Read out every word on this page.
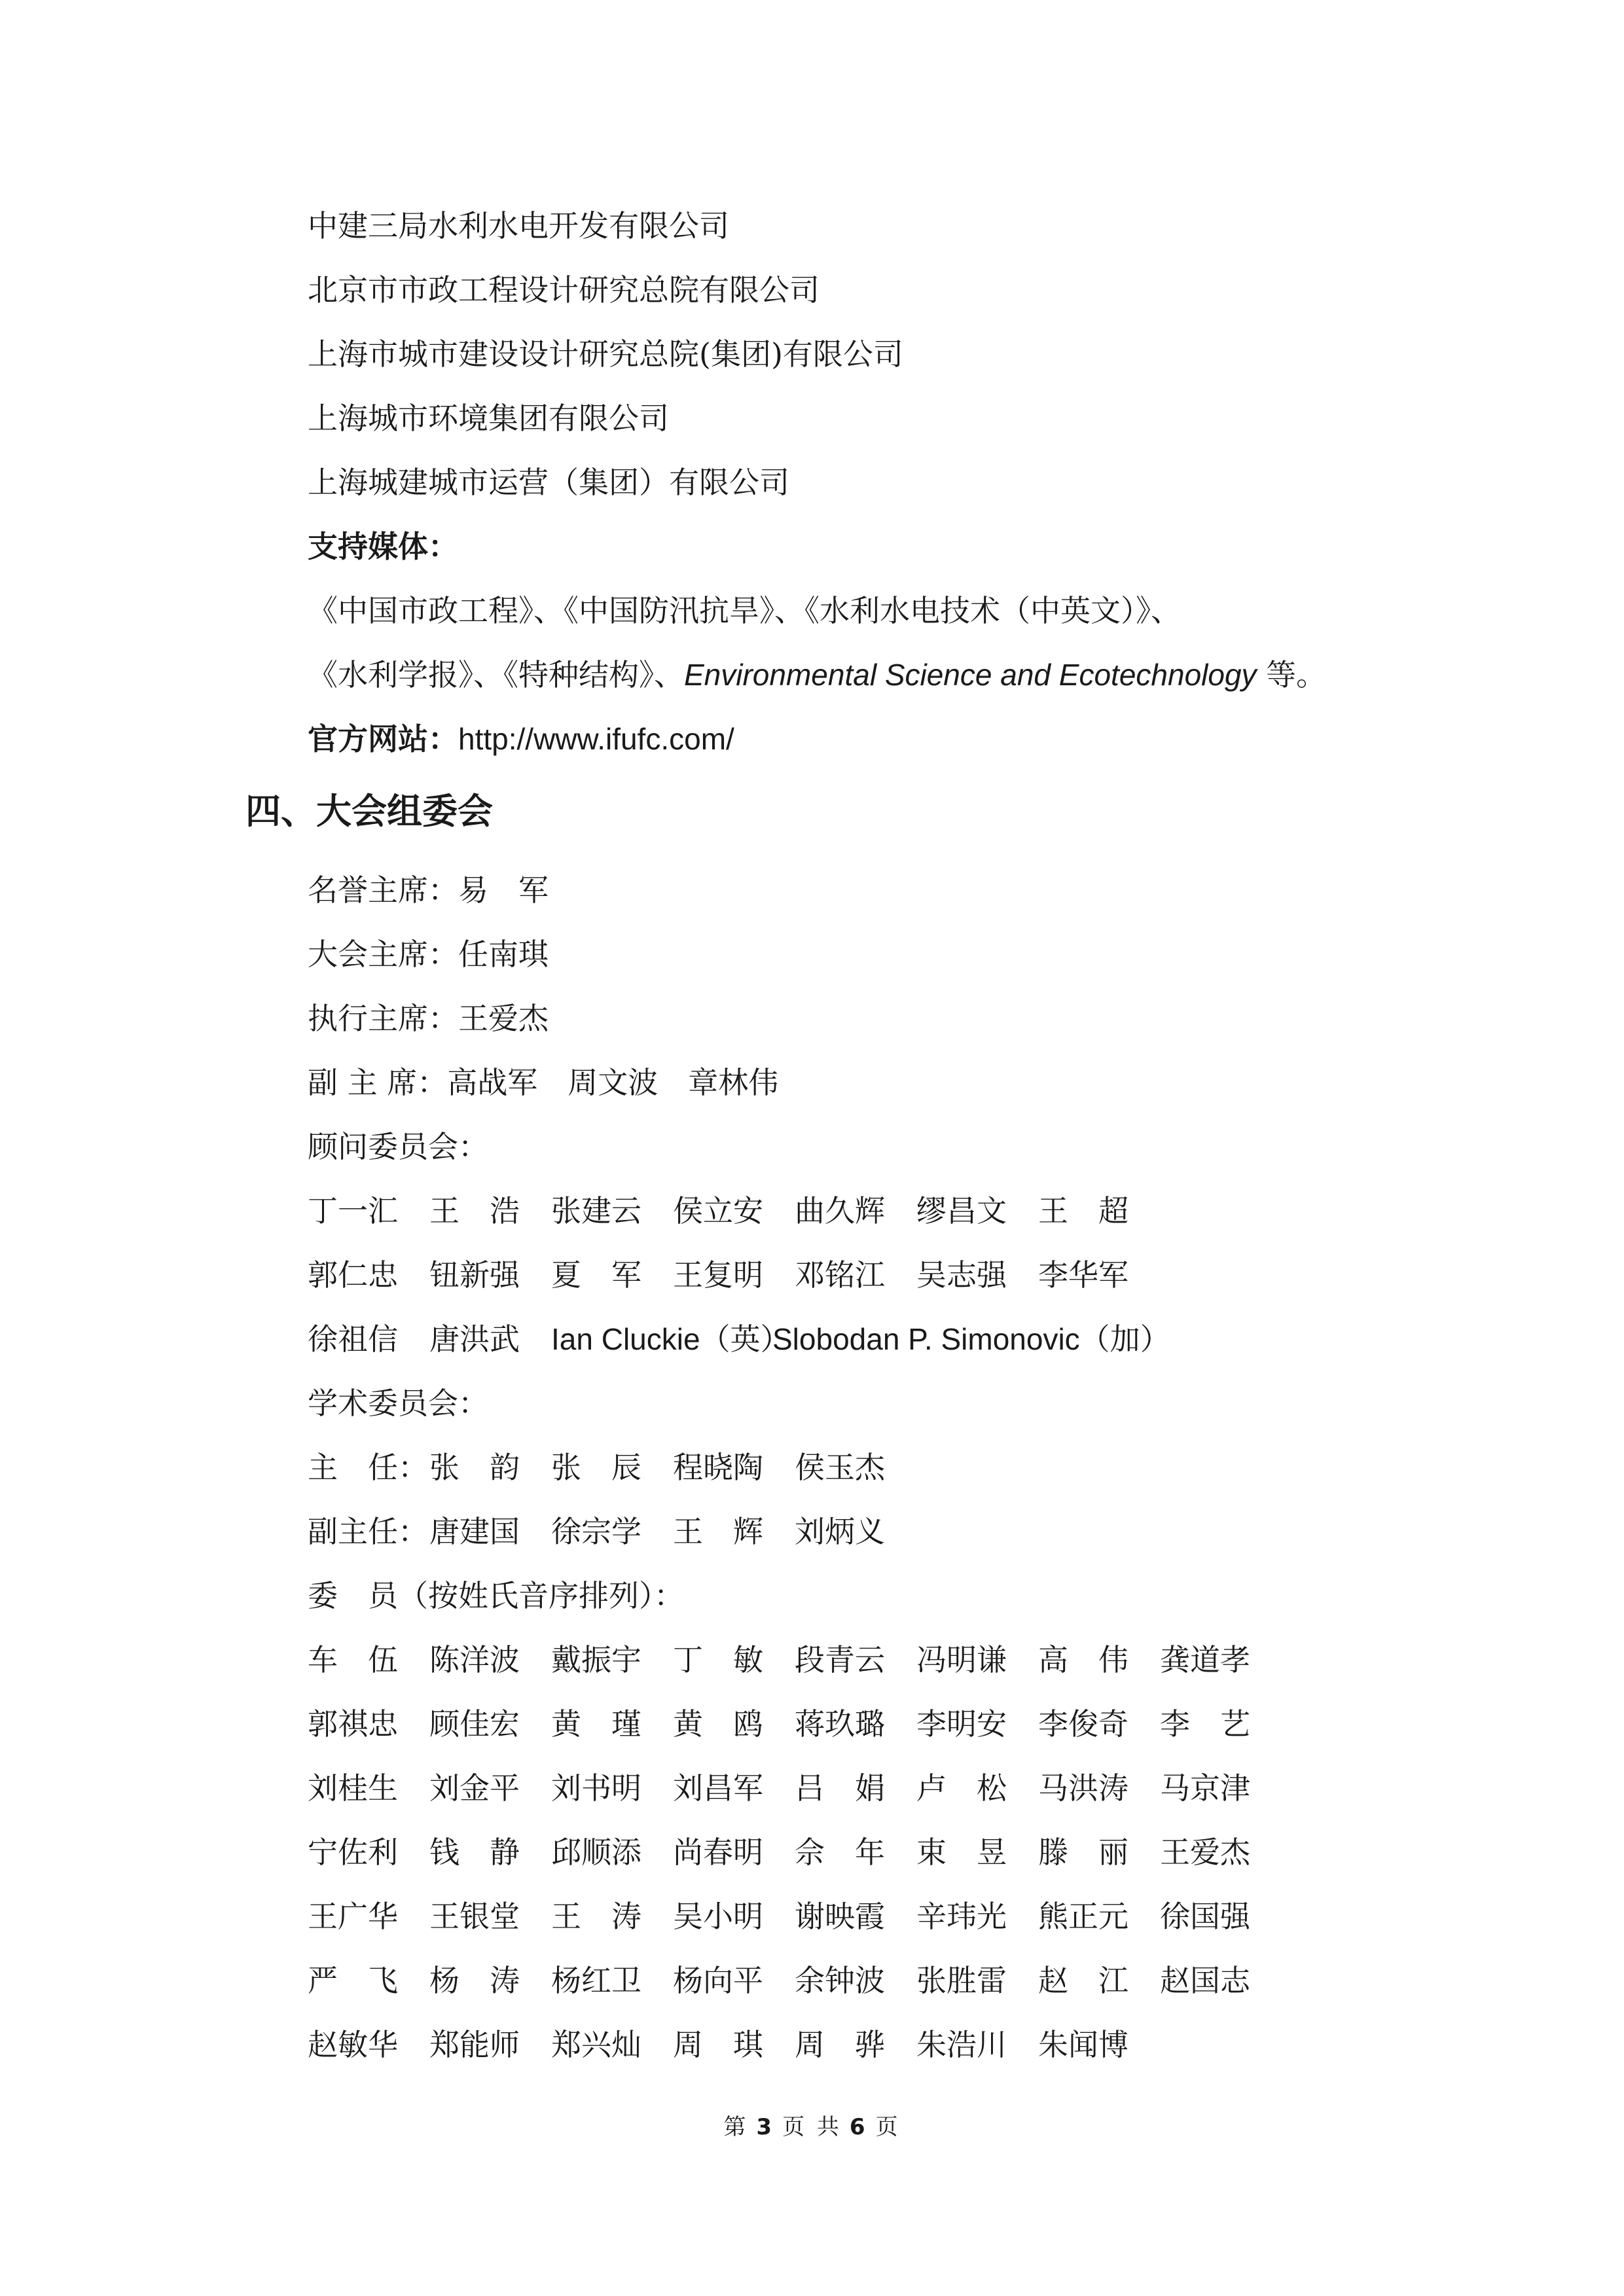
中建三局水利水电开发有限公司
北京市市政工程设计研究总院有限公司
上海市城市建设设计研究总院(集团)有限公司
上海城市环境集团有限公司
上海城建城市运营（集团）有限公司
支持媒体：
《中国市政工程》、《中国防汛抗旱》、《水利水电技术（中英文）》、
《水利学报》、《特种结构》、Environmental Science and Ecotechnology 等。
官方网站：http://www.ifufc.com/
四、大会组委会
名誉主席：易　军
大会主席：任南琪
执行主席：王爱杰
副 主 席：高战军　周文波　章林伟
顾问委员会：
丁一汇 王　浩 张建云 侯立安 曲久辉 缪昌文 王　超
郭仁忠 钮新强 夏　军 王复明 邓铭江 吴志强 李华军
徐祖信 唐洪武 Ian Cluckie（英）
Slobodan P. Simonovic（加）
学术委员会：
主　任： 张　韵 张　辰 程晓陶 侯玉杰
副主任： 唐建国 徐宗学 王　辉 刘炳义
委　员（按姓氏音序排列）：
车　伍 陈洋波 戴振宇 丁　敏 段青云 冯明谦 高　伟 龚道孝
郭祺忠 顾佳宏 黄　瑾 黄　鸥 蒋玖璐 李明安 李俊奇 李　艺
刘桂生 刘金平 刘书明 刘昌军 吕　娟 卢　松 马洪涛 马京津
宁佐利 钱　静 邱顺添 尚春明 佘　年 束　昱 滕　丽 王爱杰
王广华 王银堂 王　涛 吴小明 谢映霞 辛玮光 熊正元 徐国强
严　飞 杨　涛 杨红卫 杨向平 余钟波 张胜雷 赵　江 赵国志
赵敏华 郑能师 郑兴灿 周　琪 周　骅 朱浩川 朱闻博
第 3 页 共 6 页
